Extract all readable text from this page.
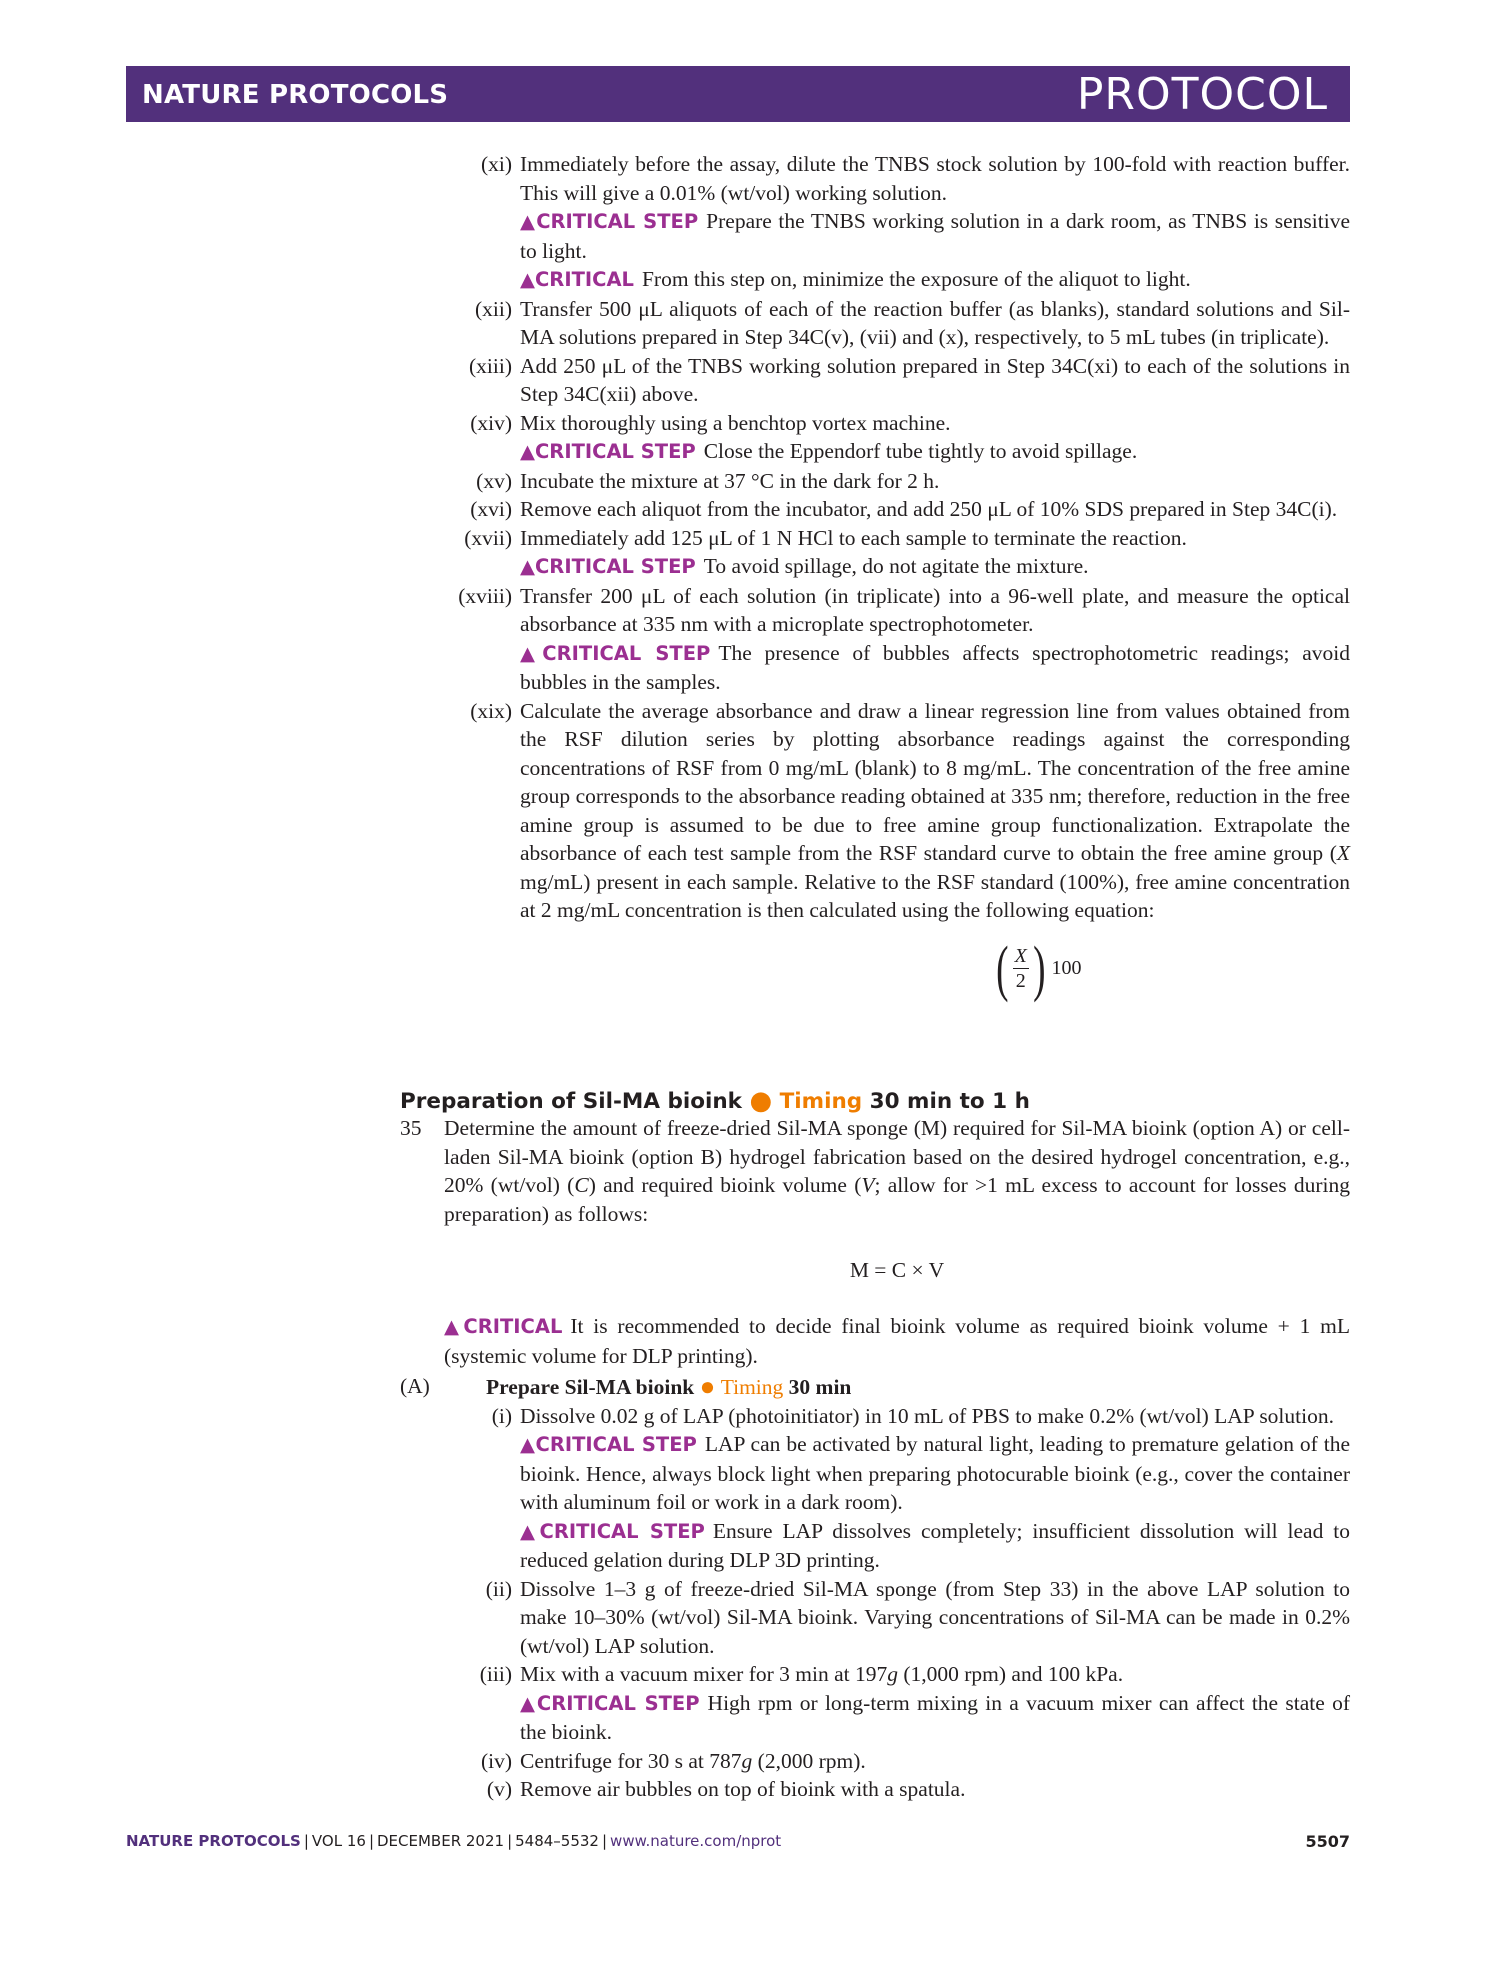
NATURE PROTOCOLS	PROTOCOL
(xi) Immediately before the assay, dilute the TNBS stock solution by 100-fold with reaction buffer. This will give a 0.01% (wt/vol) working solution.

▲CRITICAL STEP Prepare the TNBS working solution in a dark room, as TNBS is sensitive to light.

▲CRITICAL From this step on, minimize the exposure of the aliquot to light.

(xii) Transfer 500 μL aliquots of each of the reaction buffer (as blanks), standard solutions and Sil-MA solutions prepared in Step 34C(v), (vii) and (x), respectively, to 5 mL tubes (in triplicate).

(xiii) Add 250 μL of the TNBS working solution prepared in Step 34C(xi) to each of the solutions in Step 34C(xii) above.

(xiv) Mix thoroughly using a benchtop vortex machine.

▲CRITICAL STEP Close the Eppendorf tube tightly to avoid spillage.

(xv) Incubate the mixture at 37 °C in the dark for 2 h.

(xvi) Remove each aliquot from the incubator, and add 250 μL of 10% SDS prepared in Step 34C(i).

(xvii) Immediately add 125 μL of 1 N HCl to each sample to terminate the reaction.

▲CRITICAL STEP To avoid spillage, do not agitate the mixture.

(xviii) Transfer 200 μL of each solution (in triplicate) into a 96-well plate, and measure the optical absorbance at 335 nm with a microplate spectrophotometer.

▲CRITICAL STEP The presence of bubbles affects spectrophotometric readings; avoid bubbles in the samples.

(xix) Calculate the average absorbance and draw a linear regression line from values obtained from the RSF dilution series by plotting absorbance readings against the corresponding concentrations of RSF from 0 mg/mL (blank) to 8 mg/mL. The concentration of the free amine group corresponds to the absorbance reading obtained at 335 nm; therefore, reduction in the free amine group is assumed to be due to free amine group functionalization. Extrapolate the absorbance of each test sample from the RSF standard curve to obtain the free amine group (X mg/mL) present in each sample. Relative to the RSF standard (100%), free amine concentration at 2 mg/mL concentration is then calculated using the following equation:

( $\frac{X}{2}$ ) 100
Preparation of Sil-MA bioink ● Timing 30 min to 1 h
35 Determine the amount of freeze-dried Sil-MA sponge (M) required for Sil-MA bioink (option A) or cell-laden Sil-MA bioink (option B) hydrogel fabrication based on the desired hydrogel concentration, e.g., 20% (wt/vol) (C) and required bioink volume (V; allow for >1 mL excess to account for losses during preparation) as follows:

M = C × V

▲CRITICAL It is recommended to decide final bioink volume as required bioink volume + 1 mL (systemic volume for DLP printing).

(A)	Prepare Sil-MA bioink ● Timing 30 min
(i) Dissolve 0.02 g of LAP (photoinitiator) in 10 mL of PBS to make 0.2% (wt/vol) LAP solution.

▲CRITICAL STEP LAP can be activated by natural light, leading to premature gelation of the bioink. Hence, always block light when preparing photocurable bioink (e.g., cover the container with aluminum foil or work in a dark room).

▲CRITICAL STEP Ensure LAP dissolves completely; insufficient dissolution will lead to reduced gelation during DLP 3D printing.

(ii) Dissolve 1–3 g of freeze-dried Sil-MA sponge (from Step 33) in the above LAP solution to make 10–30% (wt/vol) Sil-MA bioink. Varying concentrations of Sil-MA can be made in 0.2% (wt/vol) LAP solution.

(iii) Mix with a vacuum mixer for 3 min at 197g (1,000 rpm) and 100 kPa.

▲CRITICAL STEP High rpm or long-term mixing in a vacuum mixer can affect the state of the bioink.

(iv) Centrifuge for 30 s at 787g (2,000 rpm).

(v) Remove air bubbles on top of bioink with a spatula.

NATURE PROTOCOLS | VOL 16 | DECEMBER 2021 | 5484–5532 | www.nature.com/nprot	5507
